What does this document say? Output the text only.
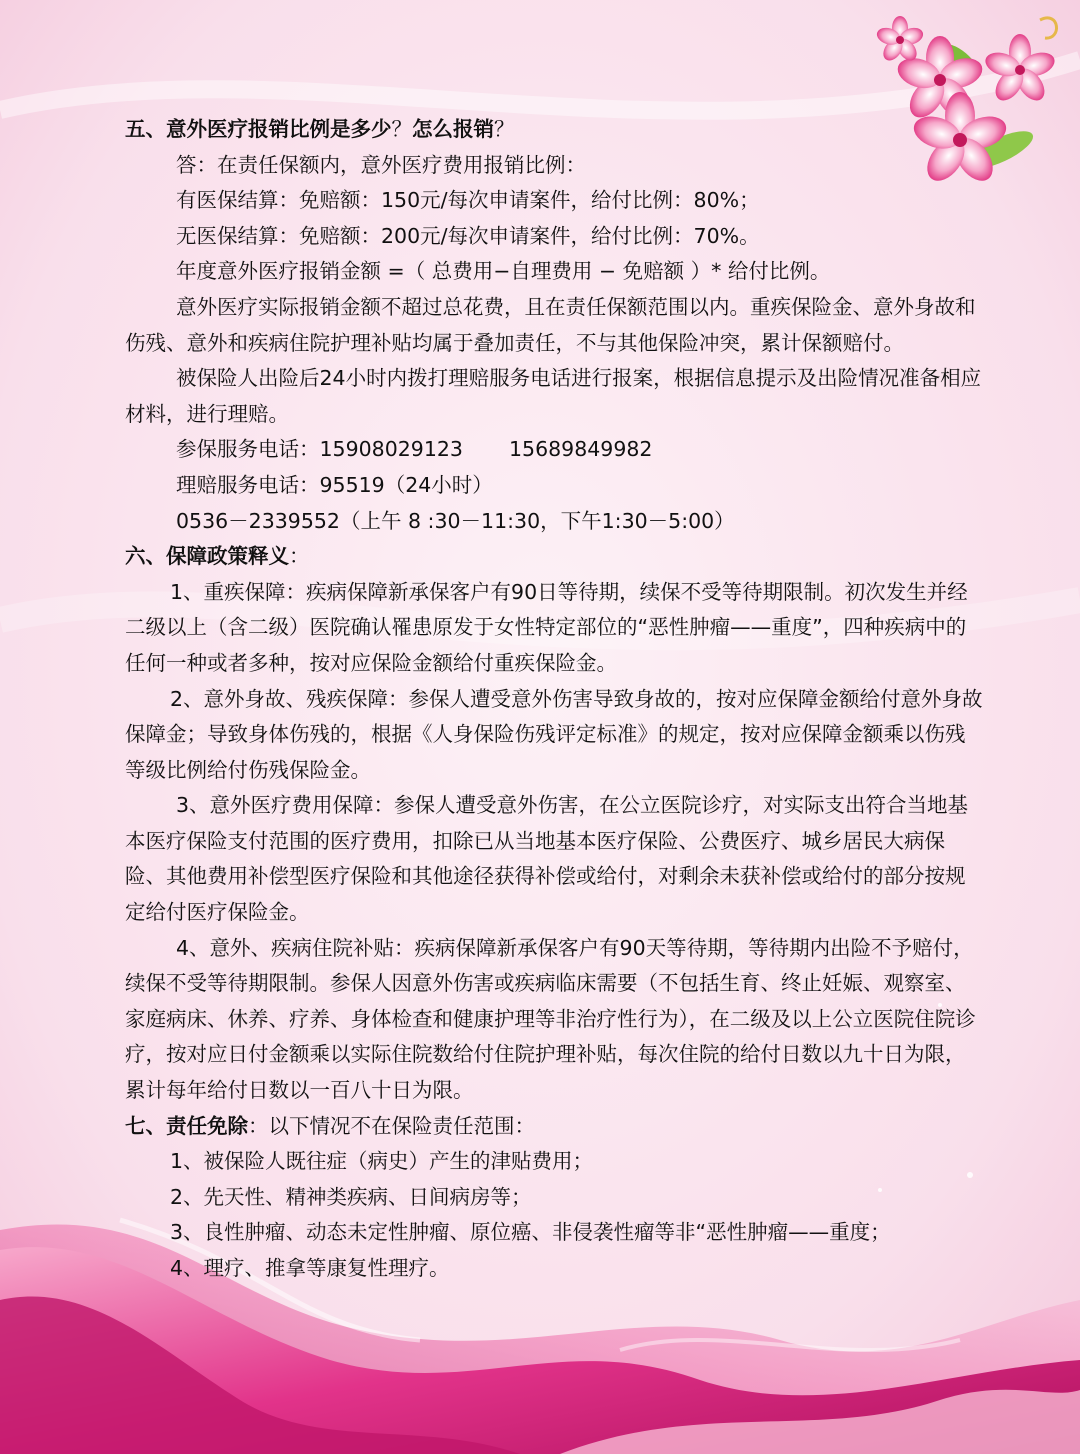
五、意外医疗报销比例是多少？怎么报销？
答：在责任保额内，意外医疗费用报销比例：
有医保结算：免赔额：150元/每次申请案件，给付比例：80%；
无医保结算：免赔额：200元/每次申请案件，给付比例：70%。
年度意外医疗报销金额 =（ 总费用−自理费用 − 免赔额 ）* 给付比例。
意外医疗实际报销金额不超过总花费，且在责任保额范围以内。重疾保险金、意外身故和伤残、意外和疾病住院护理补贴均属于叠加责任，不与其他保险冲突，累计保额赔付。
被保险人出险后24小时内拨打理赔服务电话进行报案，根据信息提示及出险情况准备相应材料，进行理赔。
参保服务电话：15908029123 15689849982
理赔服务电话：95519（24小时）
0536－2339552（上午 8 :30－11:30，下午1:30－5:00）
六、保障政策释义：
1、重疾保障：疾病保障新承保客户有90日等待期，续保不受等待期限制。初次发生并经二级以上（含二级）医院确认罹患原发于女性特定部位的“恶性肿瘤——重度”，四种疾病中的任何一种或者多种，按对应保险金额给付重疾保险金。
2、意外身故、残疾保障：参保人遭受意外伤害导致身故的，按对应保障金额给付意外身故保障金；导致身体伤残的，根据《人身保险伤残评定标准》的规定，按对应保障金额乘以伤残等级比例给付伤残保险金。
3、意外医疗费用保障：参保人遭受意外伤害，在公立医院诊疗，对实际支出符合当地基本医疗保险支付范围的医疗费用，扣除已从当地基本医疗保险、公费医疗、城乡居民大病保险、其他费用补偿型医疗保险和其他途径获得补偿或给付，对剩余未获补偿或给付的部分按规定给付医疗保险金。
4、意外、疾病住院补贴：疾病保障新承保客户有90天等待期，等待期内出险不予赔付，续保不受等待期限制。参保人因意外伤害或疾病临床需要（不包括生育、终止妊娠、观察室、家庭病床、休养、疗养、身体检查和健康护理等非治疗性行为），在二级及以上公立医院住院诊疗，按对应日付金额乘以实际住院数给付住院护理补贴，每次住院的给付日数以九十日为限，累计每年给付日数以一百八十日为限。
七、责任免除：以下情况不在保险责任范围：
1、被保险人既往症（病史）产生的津贴费用；
2、先天性、精神类疾病、日间病房等；
3、良性肿瘤、动态未定性肿瘤、原位癌、非侵袭性瘤等非“恶性肿瘤——重度；
4、理疗、推拿等康复性理疗。
